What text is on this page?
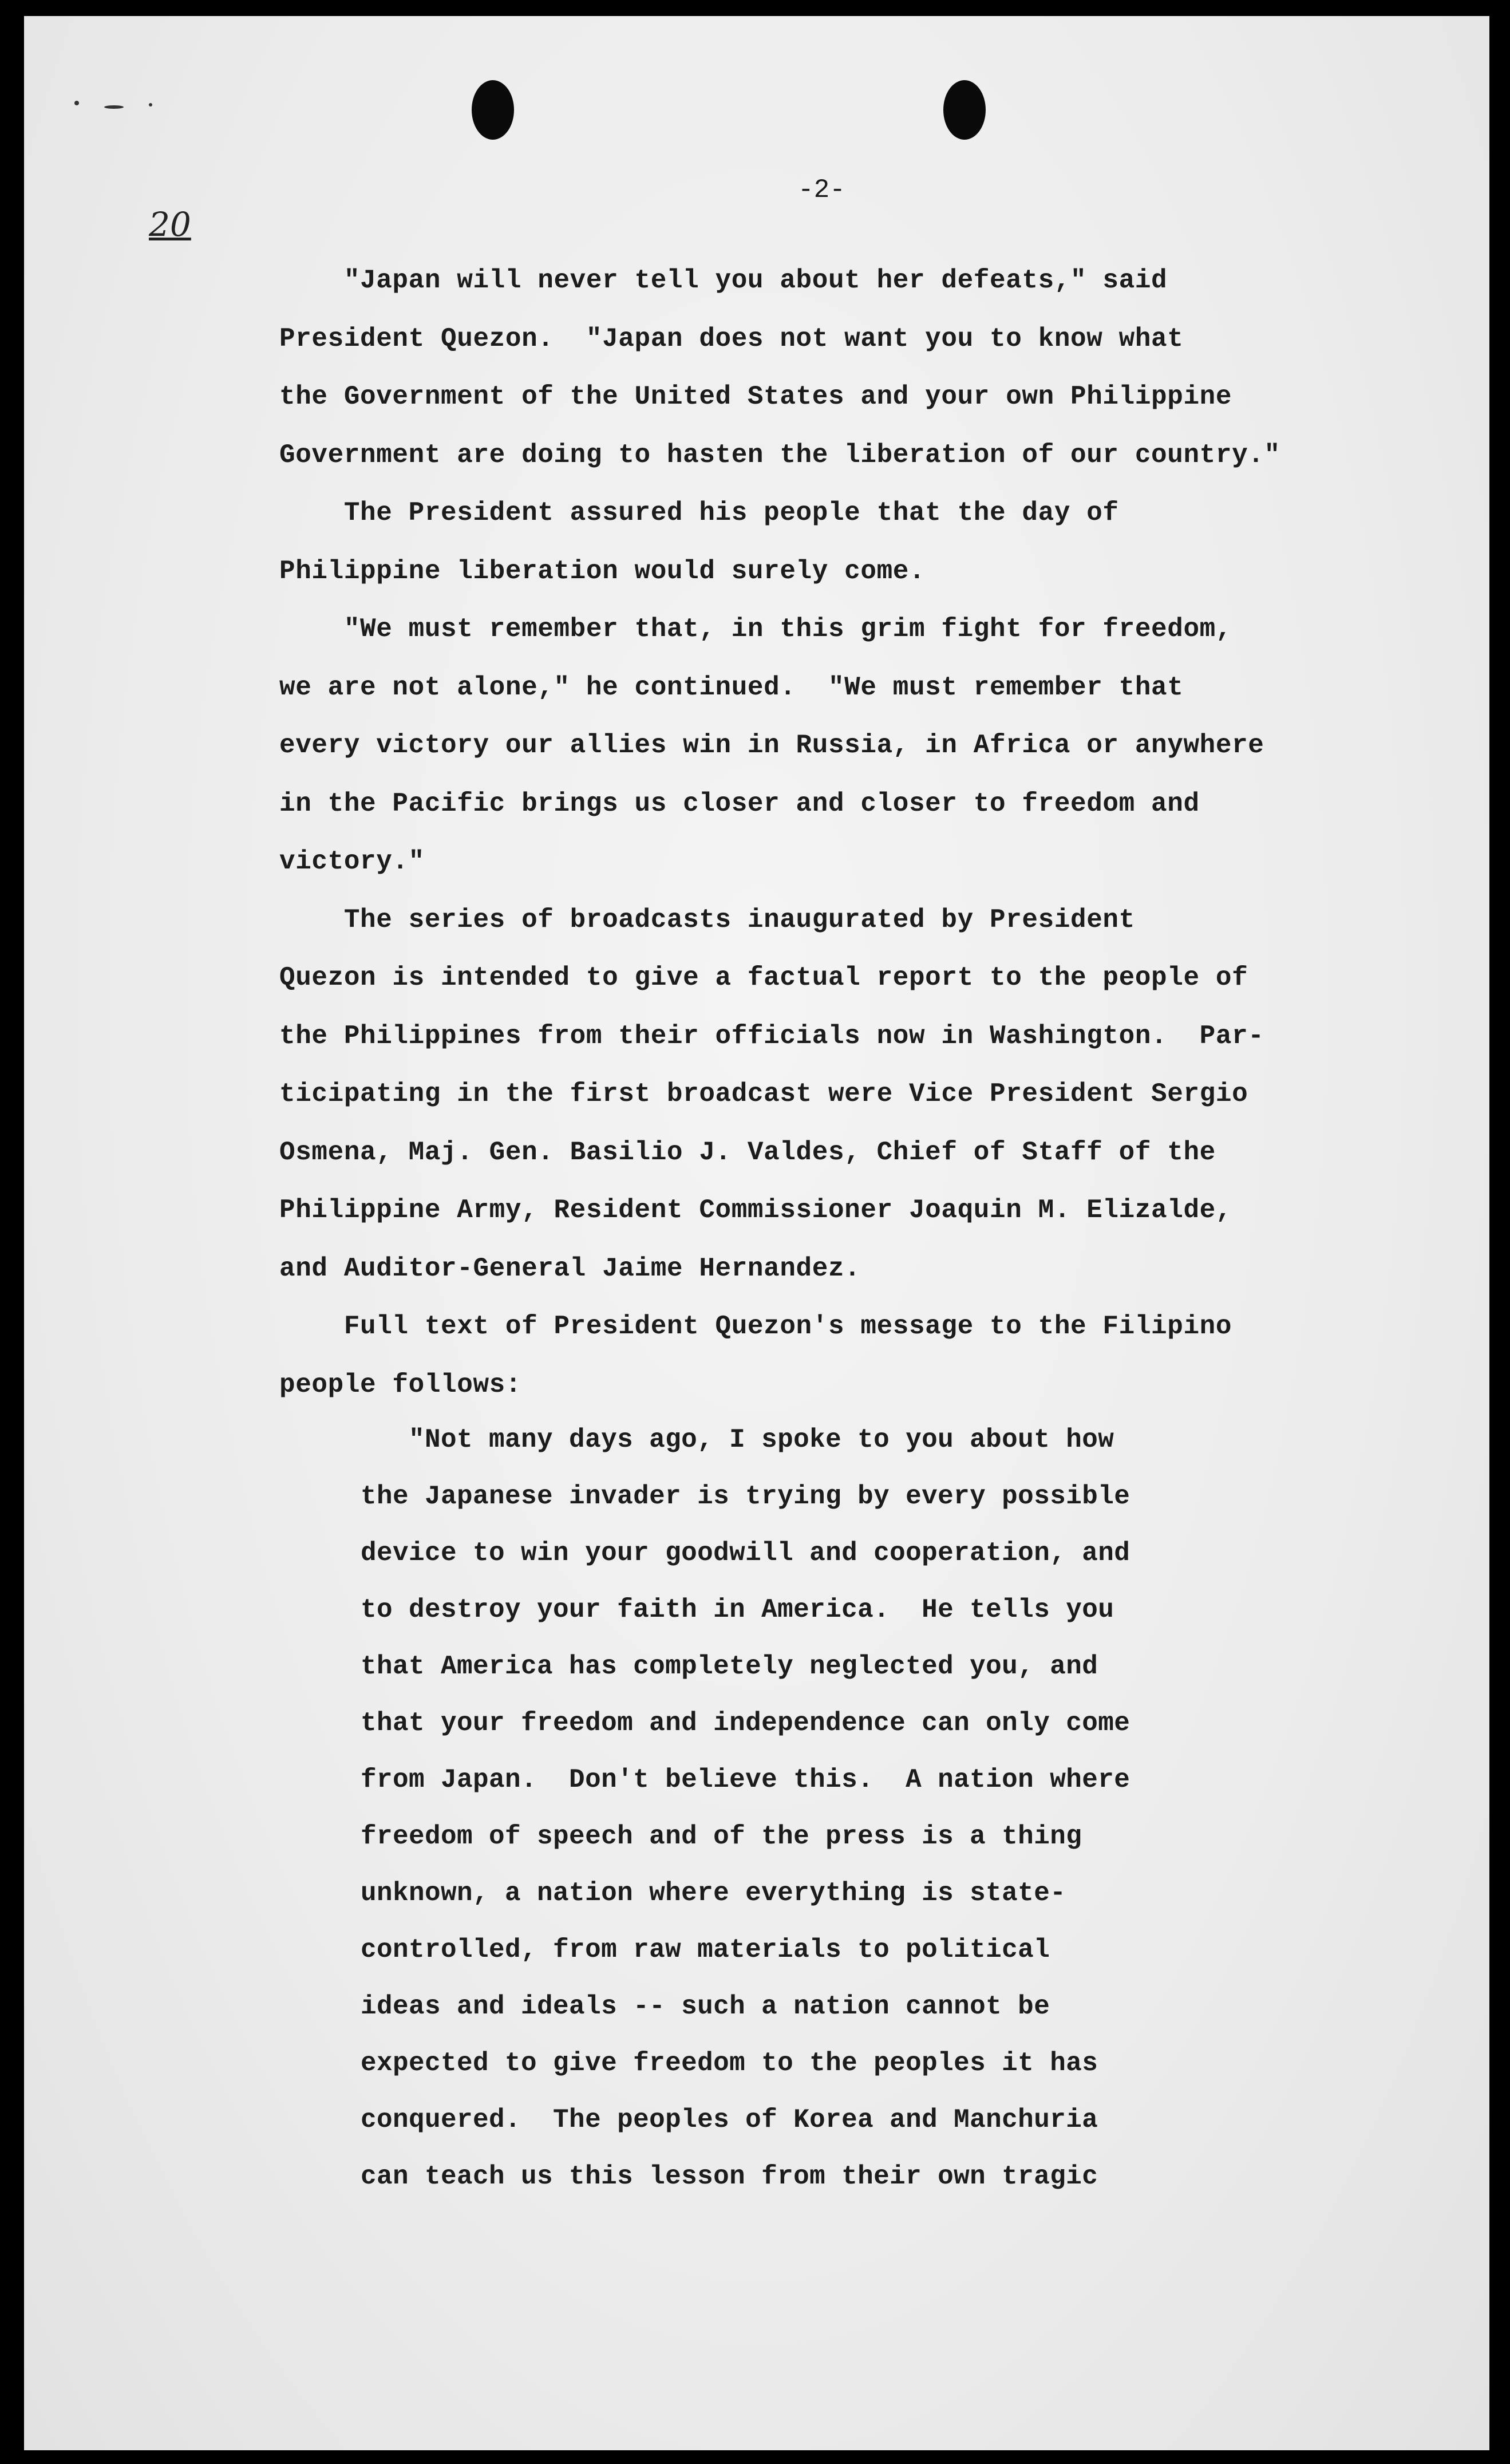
20
-2-
"Japan will never tell you about her defeats," said
President Quezon.  "Japan does not want you to know what
the Government of the United States and your own Philippine
Government are doing to hasten the liberation of our country."
The President assured his people that the day of
Philippine liberation would surely come.
"We must remember that, in this grim fight for freedom,
we are not alone," he continued.  "We must remember that
every victory our allies win in Russia, in Africa or anywhere
in the Pacific brings us closer and closer to freedom and
victory."
The series of broadcasts inaugurated by President
Quezon is intended to give a factual report to the people of
the Philippines from their officials now in Washington.  Par-
ticipating in the first broadcast were Vice President Sergio
Osmena, Maj. Gen. Basilio J. Valdes, Chief of Staff of the
Philippine Army, Resident Commissioner Joaquin M. Elizalde,
and Auditor-General Jaime Hernandez.
Full text of President Quezon's message to the Filipino
people follows:
"Not many days ago, I spoke to you about how
the Japanese invader is trying by every possible
device to win your goodwill and cooperation, and
to destroy your faith in America.  He tells you
that America has completely neglected you, and
that your freedom and independence can only come
from Japan.  Don't believe this.  A nation where
freedom of speech and of the press is a thing
unknown, a nation where everything is state-
controlled, from raw materials to political
ideas and ideals -- such a nation cannot be
expected to give freedom to the peoples it has
conquered.  The peoples of Korea and Manchuria
can teach us this lesson from their own tragic
